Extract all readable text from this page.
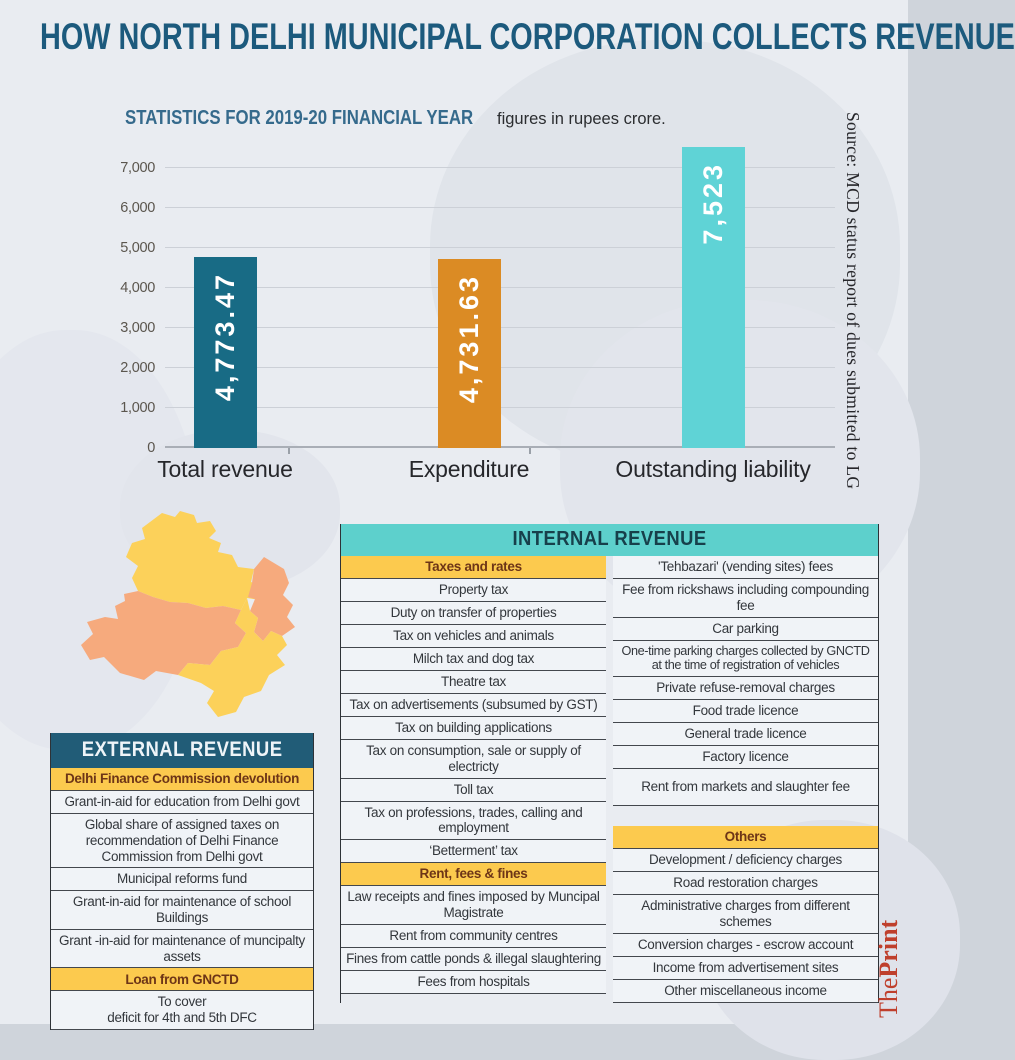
HOW NORTH DELHI MUNICIPAL CORPORATION COLLECTS REVENUE
STATISTICS FOR 2019-20 FINANCIAL YEAR figures in rupees crore.
0
1,000
2,000
3,000
4,000
5,000
6,000
7,000
4,773.47	4,731.63
7,523
Total revenue	Expenditure	Outstanding liability	Source: MCD status report of dues submitted to LG
EXTERNAL REVENUE
Delhi Finance Commission devolution
Grant-in-aid for education from Delhi govt
Global share of assigned taxes on recommendation of Delhi Finance Commission from Delhi govt
Municipal reforms fund
Grant-in-aid for maintenance of school Buildings
Grant -in-aid for maintenance of muncipalty assets
Loan from GNCTD
To cover
deficit for 4th and 5th DFC
INTERNAL REVENUE
Taxes and rates
Property tax
Duty on transfer of properties
Tax on vehicles and animals
Milch tax and dog tax
Theatre tax
Tax on advertisements (subsumed by GST)
Tax on building applications
Tax on consumption, sale or supply of electricty
Toll tax
Tax on professions, trades, calling and employment
‘Betterment’ tax
Rent, fees & fines
Law receipts and fines imposed by Muncipal Magistrate
Rent from community centres
Fines from cattle ponds & illegal slaughtering
Fees from hospitals
'Tehbazari' (vending sites) fees
Fee from rickshaws including compounding fee
Car parking
One-time parking charges collected by GNCTD at the time of registration of vehicles
Private refuse-removal charges
Food trade licence
General trade licence
Factory licence
Rent from markets and slaughter fee
Others
Development / deficiency charges
Road restoration charges
Administrative charges from different schemes
Conversion charges - escrow account
Income from advertisement sites
Other miscellaneous income ThePrint
